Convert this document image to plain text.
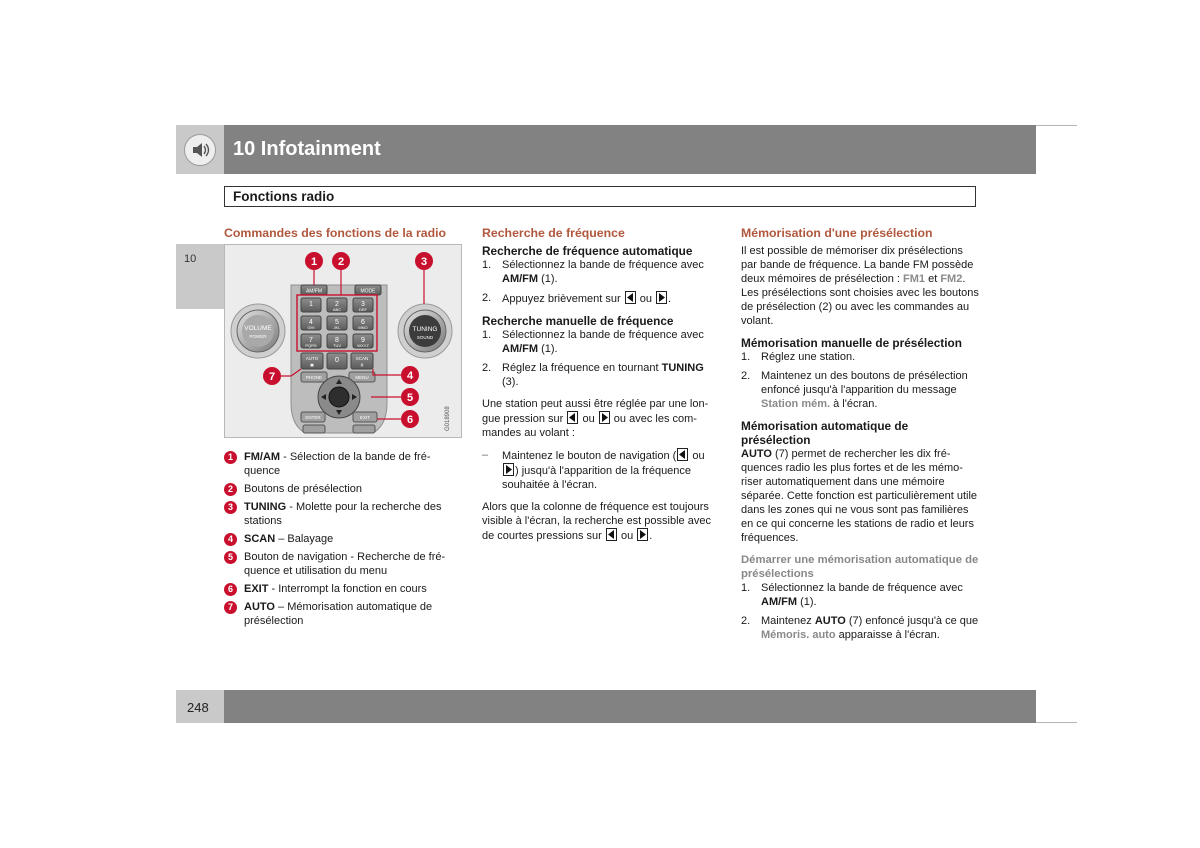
10 Infotainment
Fonctions radio
10
Commandes des fonctions de la radio
VOLUME
POWER
TUNING
SOUND
AM/FM	MODE
1	2
ABC
3
DEF
4
GHI
5
JKL
6
MNO
7
PQRS
8
TUV
9
WXYZ
AUTO
✱
0	SCAN
#
PHONE	MENU
ENTER	EXIT
1 2	3
4
5
6
7
G018908
1	FM/AM - Sélection de la bande de fréquence
2	Boutons de présélection
3	TUNING - Molette pour la recherche des stations
4	SCAN – Balayage
5	Bouton de navigation - Recherche de fréquence et utilisation du menu
6	EXIT - Interrompt la fonction en cours
7	AUTO – Mémorisation automatique de présélection
Recherche de fréquence
Recherche de fréquence automatique
1. Sélectionnez la bande de fréquence avec AM/FM (1).
2. Appuyez brièvement sur
ou
.
Recherche manuelle de fréquence
1. Sélectionnez la bande de fréquence avec AM/FM (1).
2. Réglez la fréquence en tournant TUNING (3).

Une station peut aussi être réglée par une longue pression sur
ou
ou avec les commandes au volant :

–	Maintenez le bouton de navigation (
ou
) jusqu'à l'apparition de la fréquence souhaitée à l'écran.

Alors que la colonne de fréquence est toujours visible à l'écran, la recherche est possible avec de courtes pressions sur
ou
.

Mémorisation d'une présélection

Il est possible de mémoriser dix présélections par bande de fréquence. La bande FM possède deux mémoires de présélection : FM1 et FM2. Les présélections sont choisies avec les boutons de présélection (2) ou avec les commandes au volant.

Mémorisation manuelle de présélection
1. Réglez une station.
2. Maintenez un des boutons de présélection enfoncé jusqu'à l'apparition du message Station mém. à l'écran.
Mémorisation automatique de présélection

AUTO (7) permet de rechercher les dix fréquences radio les plus fortes et de les mémoriser automatiquement dans une mémoire séparée. Cette fonction est particulièrement utile dans les zones qui ne vous sont pas familières en ce qui concerne les stations de radio et leurs fréquences.

Démarrer une mémorisation automatique de présélections
1. Sélectionnez la bande de fréquence avec AM/FM (1).
2. Maintenez AUTO (7) enfoncé jusqu'à ce que Mémoris. auto apparaisse à l'écran.
248
